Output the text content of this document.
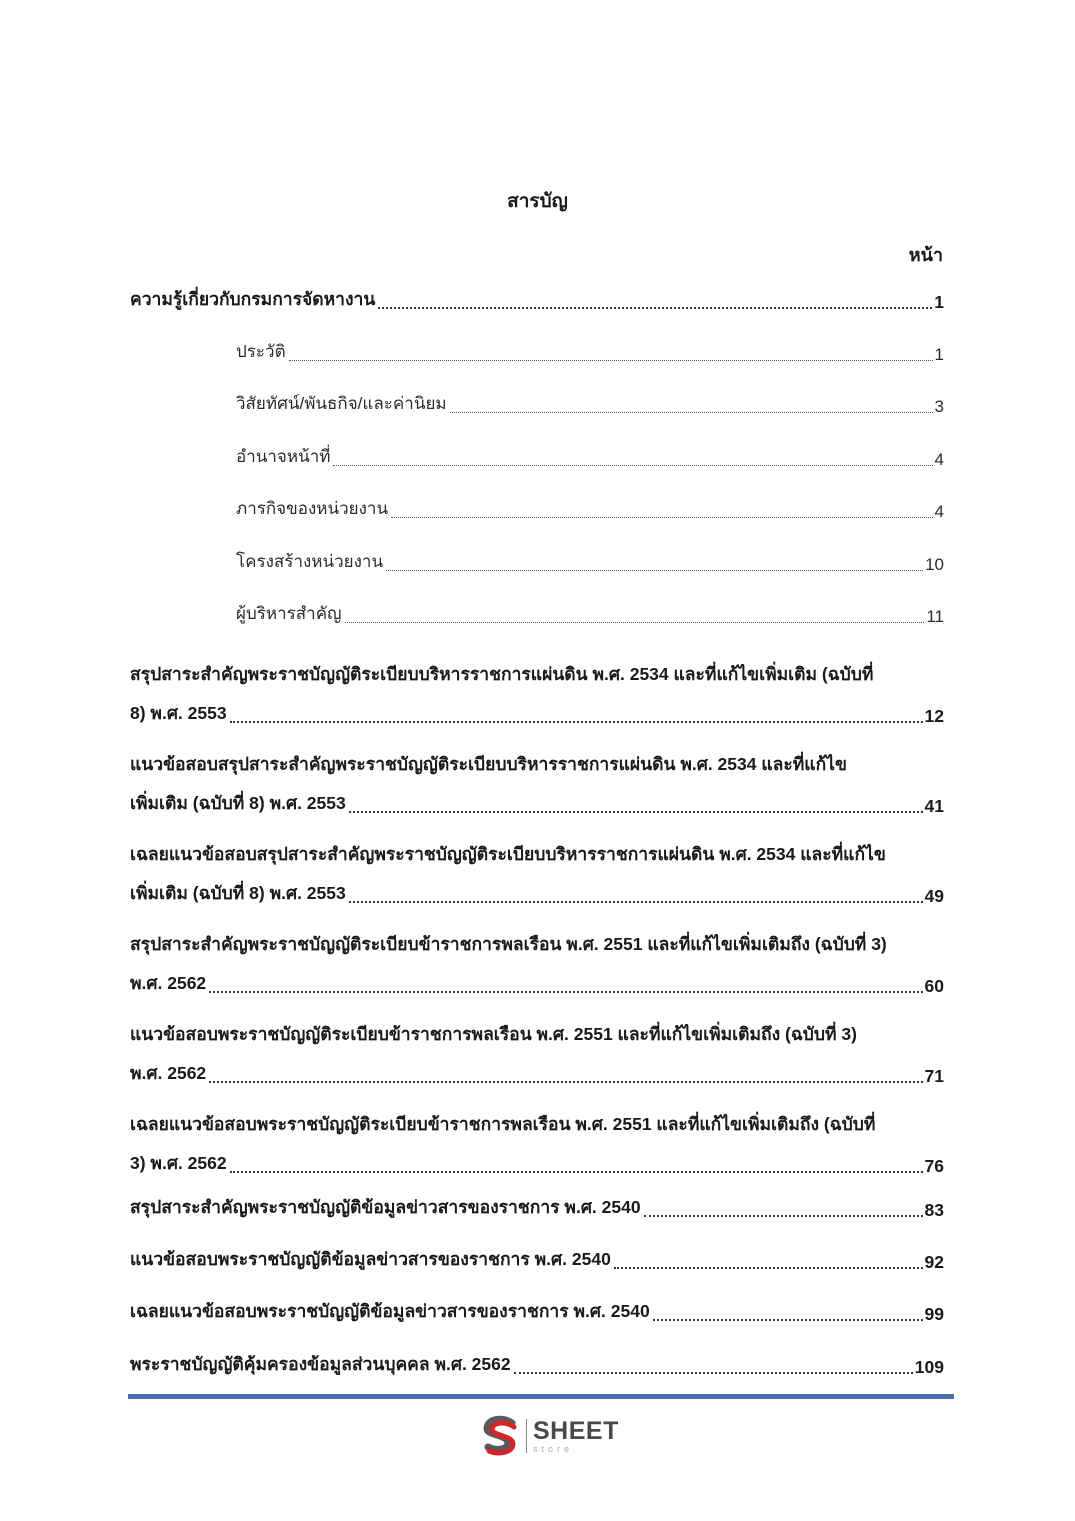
สารบัญ
หน้า
ความรู้เกี่ยวกับกรมการจัดหางาน	1
ประวัติ	1
วิสัยทัศน์/พันธกิจ/และค่านิยม	3
อำนาจหน้าที่	4
ภารกิจของหน่วยงาน	4
โครงสร้างหน่วยงาน	10
ผู้บริหารสำคัญ	11
สรุปสาระสำคัญพระราชบัญญัติระเบียบบริหารราชการแผ่นดิน พ.ศ. 2534 และที่แก้ไขเพิ่มเติม (ฉบับที่
8) พ.ศ. 2553	12
แนวข้อสอบสรุปสาระสำคัญพระราชบัญญัติระเบียบบริหารราชการแผ่นดิน พ.ศ. 2534 และที่แก้ไข
เพิ่มเติม (ฉบับที่ 8) พ.ศ. 2553	41
เฉลยแนวข้อสอบสรุปสาระสำคัญพระราชบัญญัติระเบียบบริหารราชการแผ่นดิน พ.ศ. 2534 และที่แก้ไข
เพิ่มเติม (ฉบับที่ 8) พ.ศ. 2553	49
สรุปสาระสำคัญพระราชบัญญัติระเบียบข้าราชการพลเรือน พ.ศ. 2551 และที่แก้ไขเพิ่มเติมถึง (ฉบับที่ 3)
พ.ศ. 2562	60
แนวข้อสอบพระราชบัญญัติระเบียบข้าราชการพลเรือน พ.ศ. 2551 และที่แก้ไขเพิ่มเติมถึง (ฉบับที่ 3)
พ.ศ. 2562	71
เฉลยแนวข้อสอบพระราชบัญญัติระเบียบข้าราชการพลเรือน พ.ศ. 2551 และที่แก้ไขเพิ่มเติมถึง (ฉบับที่
3) พ.ศ. 2562	76
สรุปสาระสำคัญพระราชบัญญัติข้อมูลข่าวสารของราชการ พ.ศ. 2540	83
แนวข้อสอบพระราชบัญญัติข้อมูลข่าวสารของราชการ พ.ศ. 2540	92
เฉลยแนวข้อสอบพระราชบัญญัติข้อมูลข่าวสารของราชการ พ.ศ. 2540	99
พระราชบัญญัติคุ้มครองข้อมูลส่วนบุคคล พ.ศ. 2562	109
SHEET
store
